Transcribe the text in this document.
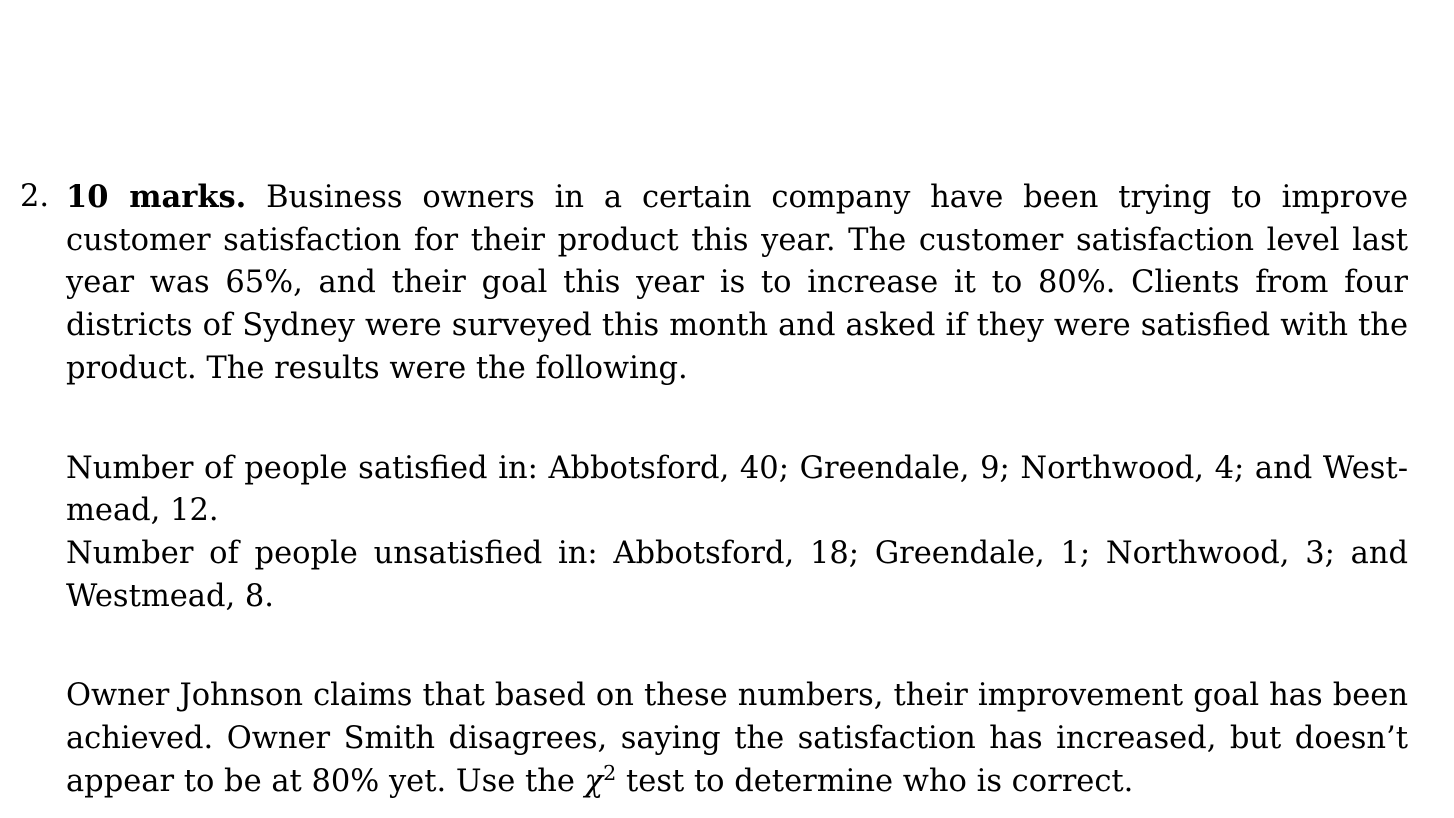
2. 10 marks. Business owners in a certain company have been trying to improve customer satisfaction for their product this year. The customer satisfaction level last year was 65%, and their goal this year is to increase it to 80%. Clients from four districts of Sydney were surveyed this month and asked if they were satisfied with the product. The results were the following.

Number of people satisfied in: Abbotsford, 40; Greendale, 9; Northwood, 4; and Westmead, 12.

Number of people unsatisfied in: Abbotsford, 18; Greendale, 1; Northwood, 3; and Westmead, 8.

Owner Johnson claims that based on these numbers, their improvement goal has been achieved. Owner Smith disagrees, saying the satisfaction has increased, but doesn’t appear to be at 80% yet. Use the $\chi^2$ test to determine who is correct.
